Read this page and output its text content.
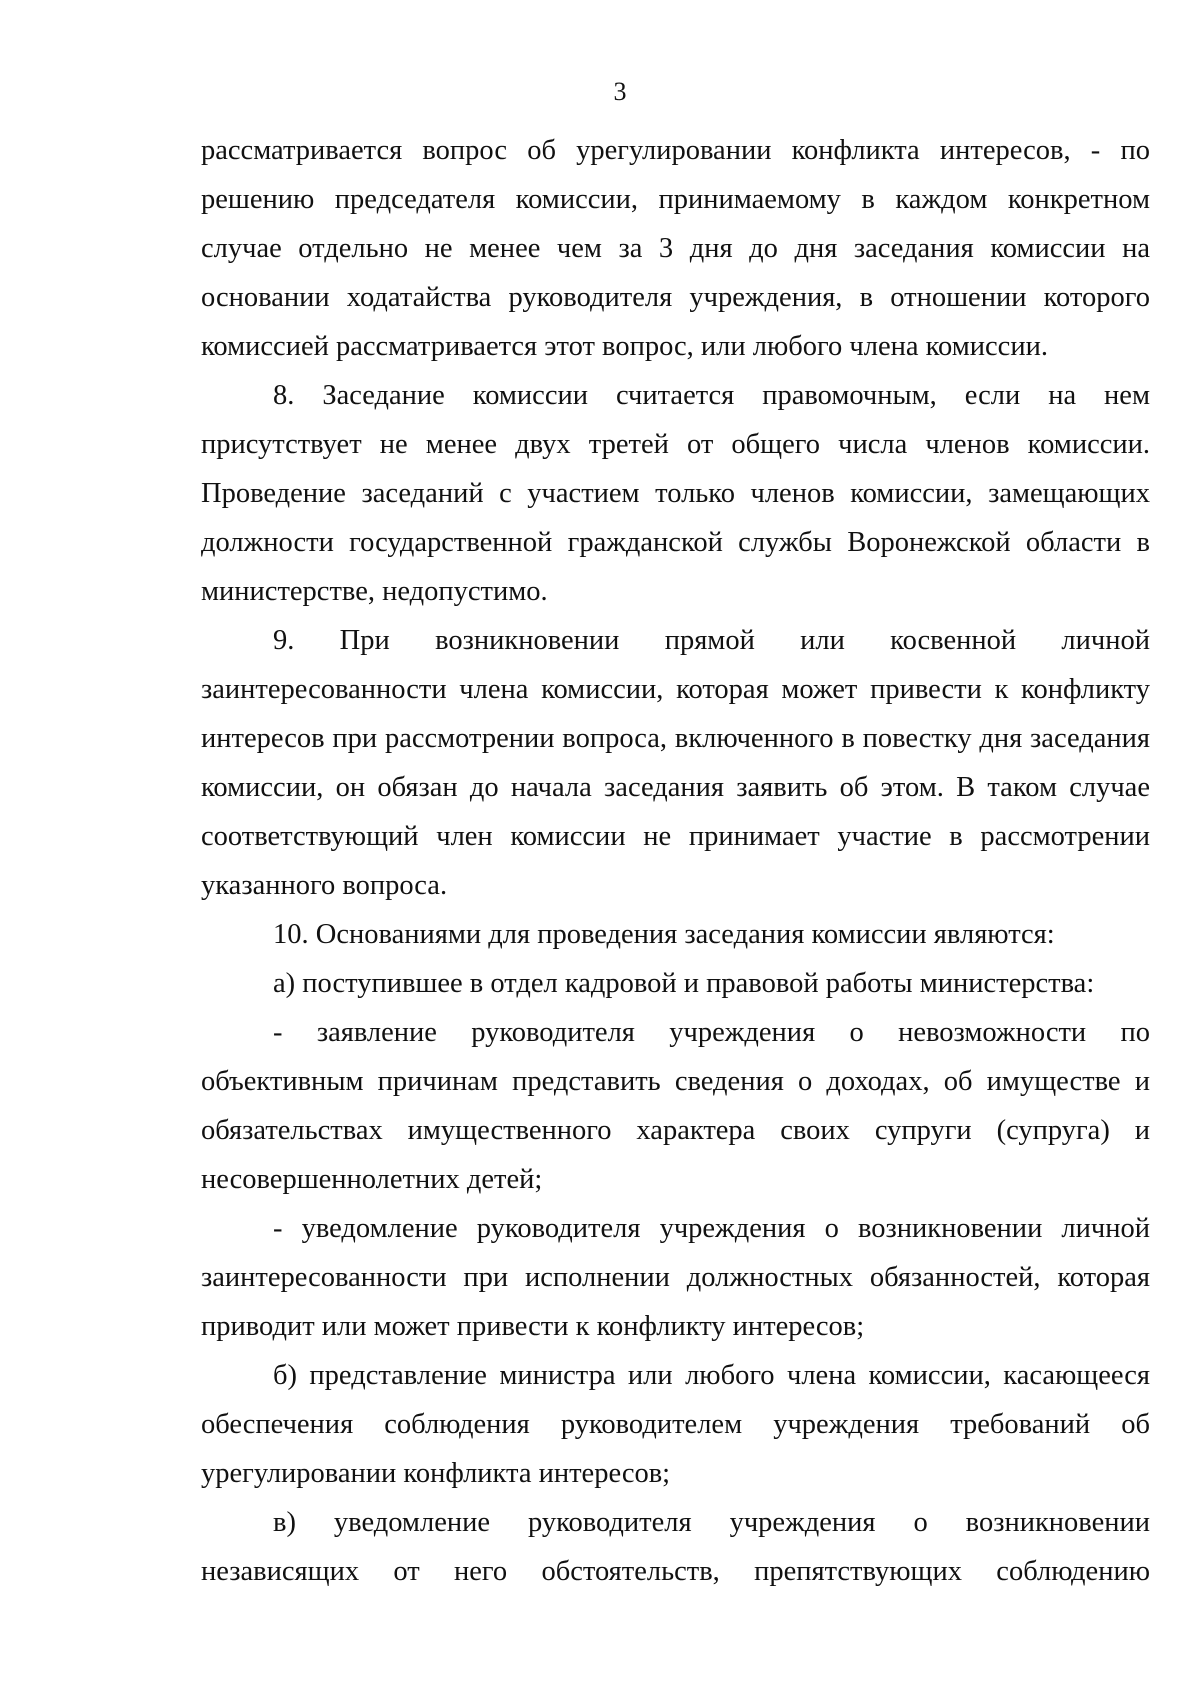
3

рассматривается вопрос об урегулировании конфликта интересов, - по решению председателя комиссии, принимаемому в каждом конкретном случае отдельно не менее чем за 3 дня до дня заседания комиссии на основании ходатайства руководителя учреждения, в отношении которого комиссией рассматривается этот вопрос, или любого члена комиссии.

8. Заседание комиссии считается правомочным, если на нем присутствует не менее двух третей от общего числа членов комиссии. Проведение заседаний с участием только членов комиссии, замещающих должности государственной гражданской службы Воронежской области в министерстве, недопустимо.

9. При возникновении прямой или косвенной личной заинтересованности члена комиссии, которая может привести к конфликту интересов при рассмотрении вопроса, включенного в повестку дня заседания комиссии, он обязан до начала заседания заявить об этом. В таком случае соответствующий член комиссии не принимает участие в рассмотрении указанного вопроса.

10. Основаниями для проведения заседания комиссии являются:

а) поступившее в отдел кадровой и правовой работы министерства:

- заявление руководителя учреждения о невозможности по объективным причинам представить сведения о доходах, об имуществе и обязательствах имущественного характера своих супруги (супруга) и несовершеннолетних детей;

- уведомление руководителя учреждения о возникновении личной заинтересованности при исполнении должностных обязанностей, которая приводит или может привести к конфликту интересов;

б) представление министра или любого члена комиссии, касающееся обеспечения соблюдения руководителем учреждения требований об урегулировании конфликта интересов;

в) уведомление руководителя учреждения о возникновении независящих от него обстоятельств, препятствующих соблюдению
